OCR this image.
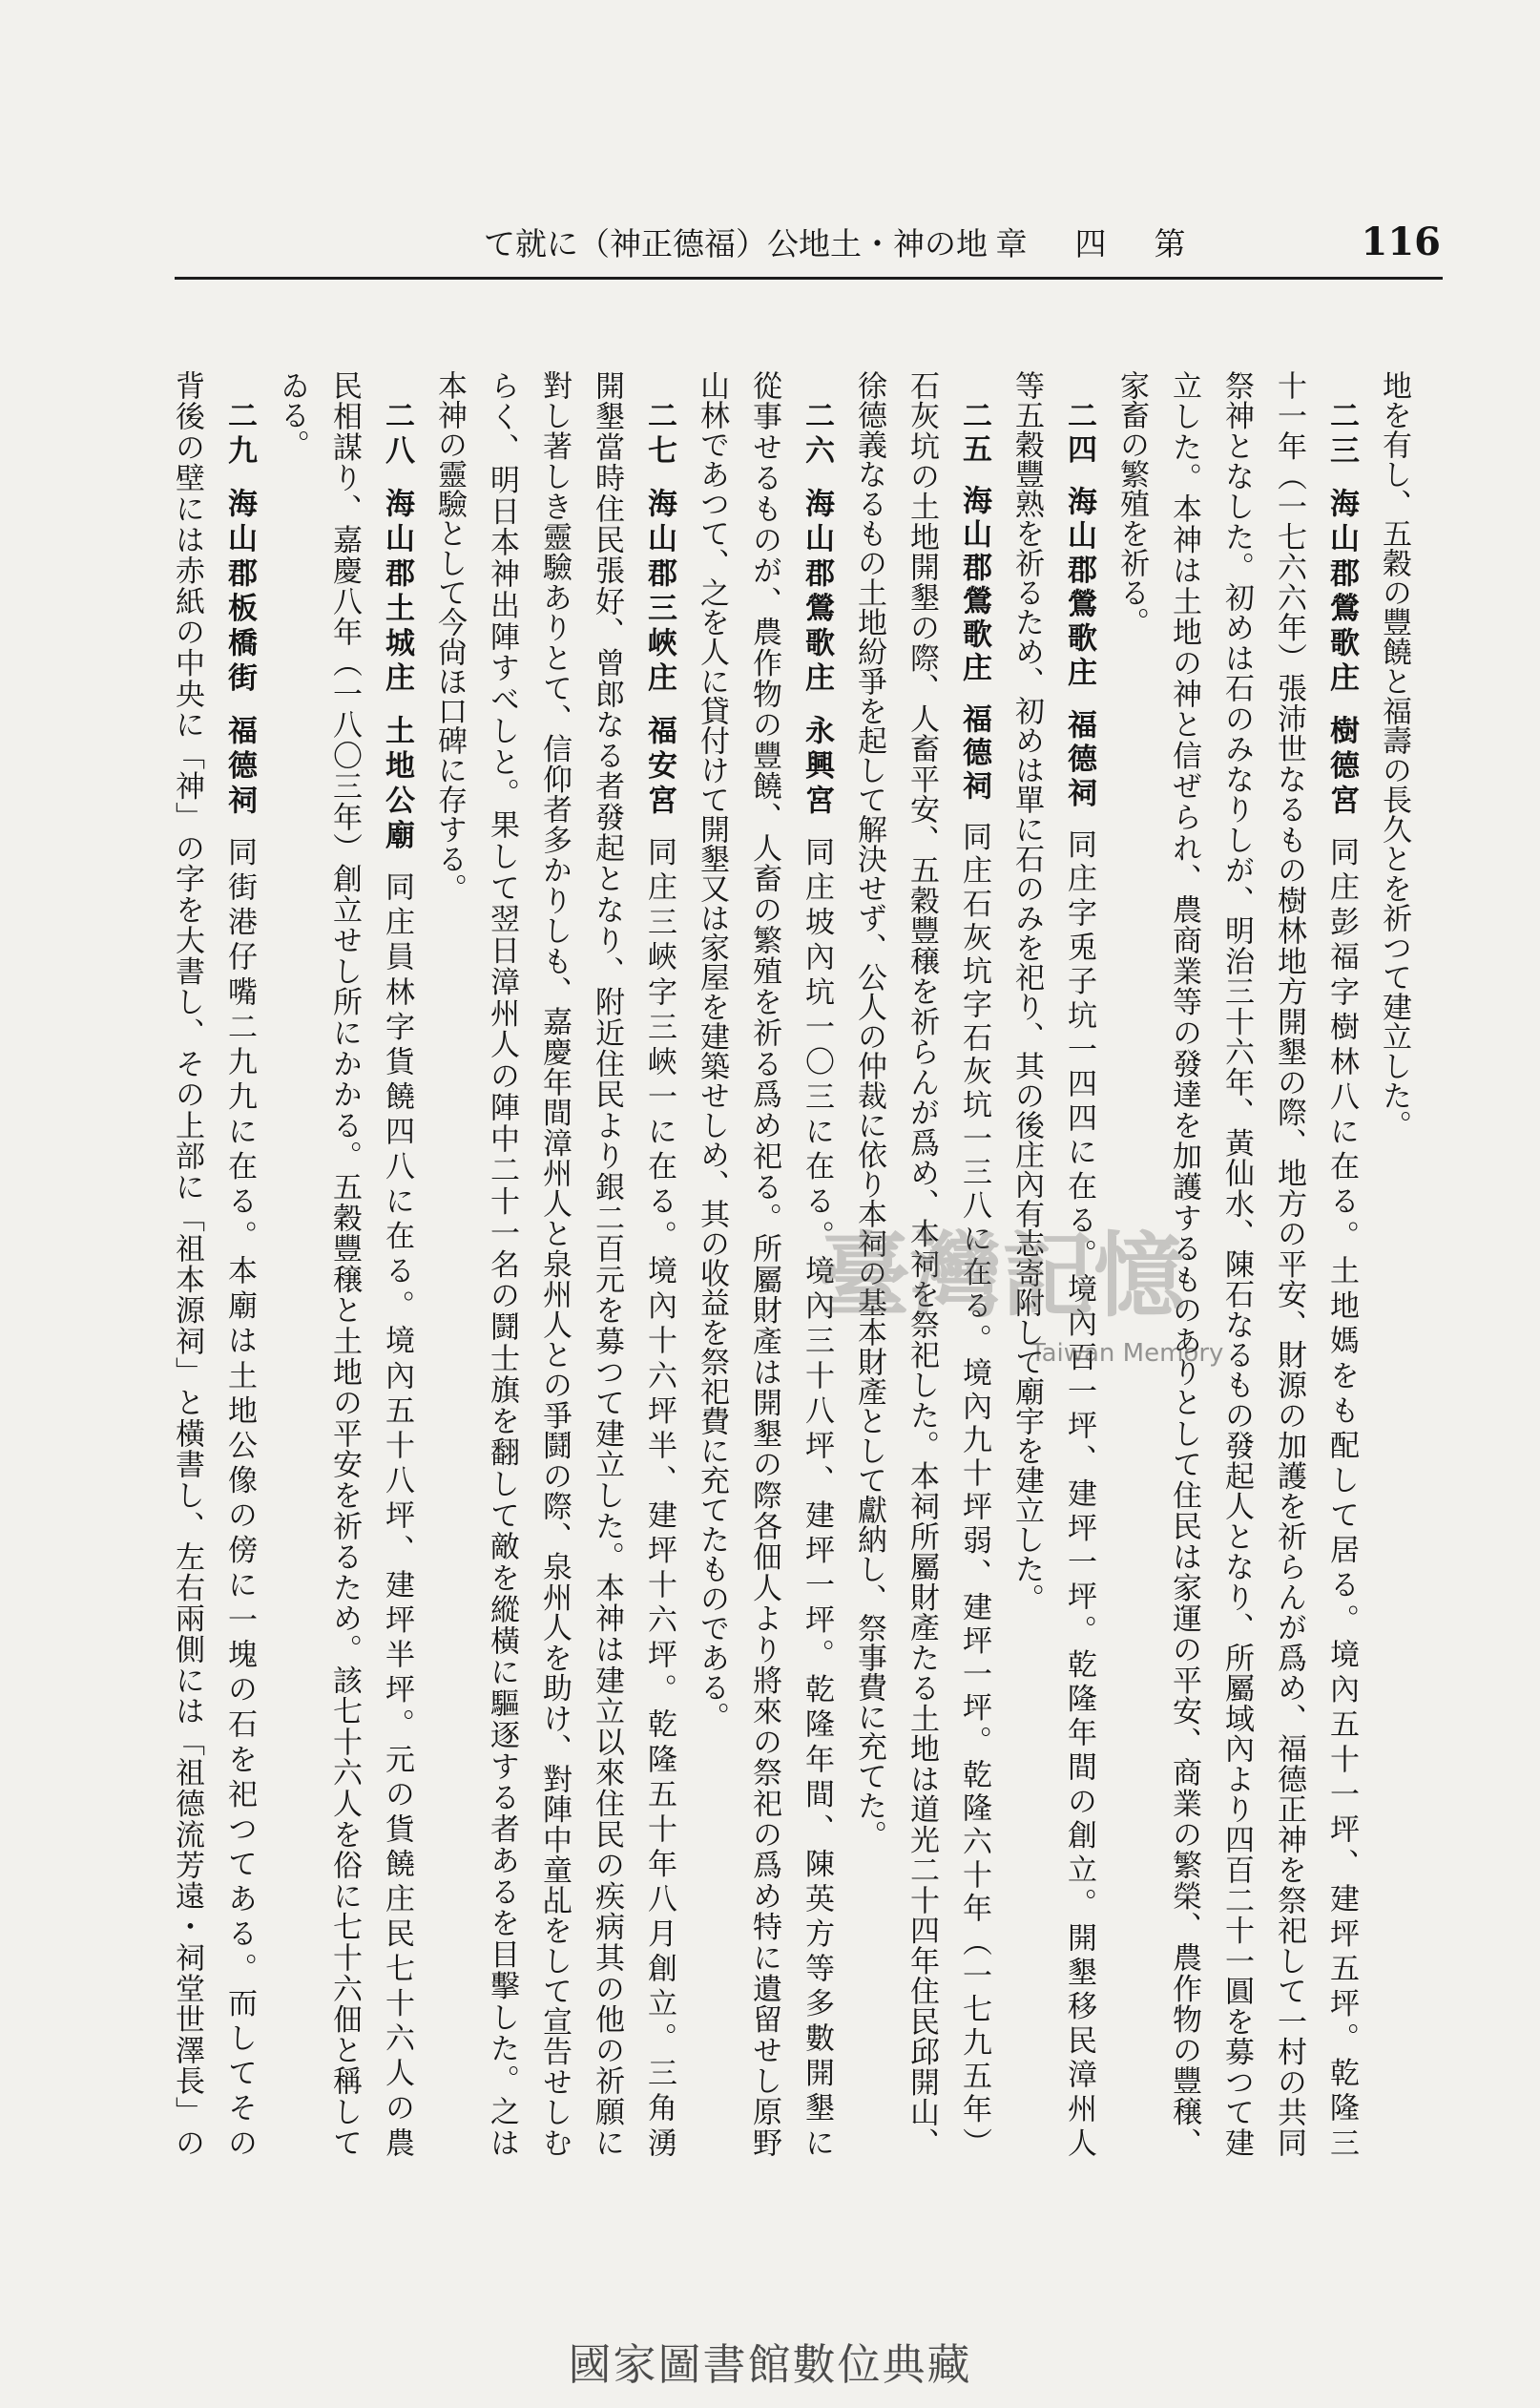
116
第四章
地の神・土地公（福德正神）に就て
地を有し、五穀の豐饒と福壽の長久とを祈つて建立した。
二三海山郡鶯歌庄樹德宮同庄彭福字樹林八に在る。土地媽をも配して居る。境內五十一坪、建坪五坪。乾隆三
十一年（一七六六年）張沛世なるもの樹林地方開墾の際、地方の平安、財源の加護を祈らんが爲め、福德正神を祭祀して一村の共同
祭神となした。初めは石のみなりしが、明治三十六年、黃仙水、陳石なるもの發起人となり、所屬域內より四百二十一圓を募つて建
立した。本神は土地の神と信ぜられ、農商業等の發達を加護するものありとして住民は家運の平安、商業の繁榮、農作物の豐穣、
家畜の繁殖を祈る。
二四海山郡鶯歌庄福德祠同庄字兎子坑一四四に在る。境內百一坪、建坪一坪。乾隆年間の創立。開墾移民漳州人
等五穀豐熟を祈るため、初めは單に石のみを祀り、其の後庄內有志寄附して廟宇を建立した。
二五海山郡鶯歌庄福德祠同庄石灰坑字石灰坑一三八に在る。境內九十坪弱、建坪一坪。乾隆六十年（一七九五年）
石灰坑の土地開墾の際、人畜平安、五穀豐穣を祈らんが爲め、本祠を祭祀した。本祠所屬財產たる土地は道光二十四年住民邱開山、
徐德義なるもの土地紛爭を起して解決せず、公人の仲裁に依り本祠の基本財產として獻納し、祭事費に充てた。
二六海山郡鶯歌庄永興宮同庄坡內坑一〇三に在る。境內三十八坪、建坪一坪。乾隆年間、陳英方等多數開墾に
從事せるものが、農作物の豐饒、人畜の繁殖を祈る爲め祀る。所屬財產は開墾の際各佃人より將來の祭祀の爲め特に遺留せし原野
山林であつて、之を人に貸付けて開墾又は家屋を建築せしめ、其の收益を祭祀費に充てたものである。
二七海山郡三峽庄福安宮同庄三峽字三峽一に在る。境內十六坪半、建坪十六坪。乾隆五十年八月創立。三角湧
開墾當時住民張好、曾郎なる者發起となり、附近住民より銀二百元を募つて建立した。本神は建立以來住民の疾病其の他の祈願に
對し著しき靈驗ありとて、信仰者多かりしも、嘉慶年間漳州人と泉州人との爭鬪の際、泉州人を助け、對陣中童乩をして宣告せしむ
らく、明日本神出陣すべしと。果して翌日漳州人の陣中二十一名の鬪士旗を翻して敵を縱橫に驅逐する者あるを目擊した。之は
本神の靈驗として今尙ほ口碑に存する。
二八海山郡土城庄土地公廟同庄員林字貨饒四八に在る。境內五十八坪、建坪半坪。元の貨饒庄民七十六人の農
民相謀り、嘉慶八年（一八〇三年）創立せし所にかかる。五穀豐穣と土地の平安を祈るため。該七十六人を俗に七十六佃と稱して
ゐる。
二九海山郡板橋街福德祠同街港仔嘴二九九に在る。本廟は土地公像の傍に一塊の石を祀つてある。而してその
背後の壁には赤紙の中央に「神」の字を大書し、その上部に「祖本源祠」と橫書し、左右兩側には「祖德流芳遠・祠堂世澤長」の	臺灣記憶
Taiwan Memory
國家圖書館數位典藏
